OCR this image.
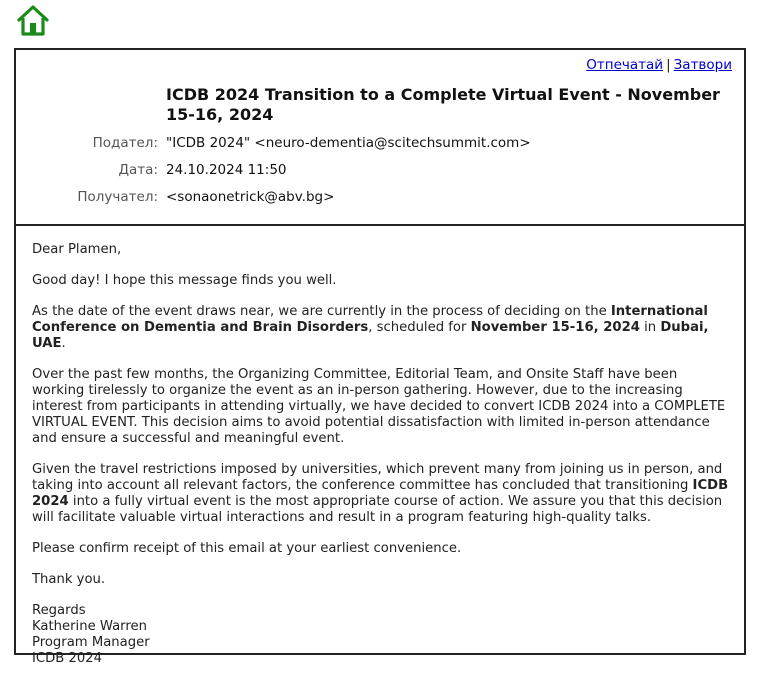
Отпечатай | Затвори
ICDB 2024 Transition to a Complete Virtual Event - November 15-16, 2024
Подател: "ICDB 2024" <neuro-dementia@scitechsummit.com>
Дата: 24.10.2024 11:50
Получател: <sonaonetrick@abv.bg>

Dear Plamen,

Good day! I hope this message finds you well.

As the date of the event draws near, we are currently in the process of deciding on the International Conference on Dementia and Brain Disorders, scheduled for November 15-16, 2024 in Dubai, UAE.

Over the past few months, the Organizing Committee, Editorial Team, and Onsite Staff have been working tirelessly to organize the event as an in-person gathering. However, due to the increasing interest from participants in attending virtually, we have decided to convert ICDB 2024 into a COMPLETE VIRTUAL EVENT. This decision aims to avoid potential dissatisfaction with limited in-person attendance and ensure a successful and meaningful event.

Given the travel restrictions imposed by universities, which prevent many from joining us in person, and taking into account all relevant factors, the conference committee has concluded that transitioning ICDB 2024 into a fully virtual event is the most appropriate course of action. We assure you that this decision will facilitate valuable virtual interactions and result in a program featuring high-quality talks.

Please confirm receipt of this email at your earliest convenience.

Thank you.

Regards

Katherine Warren

Program Manager

ICDB 2024
